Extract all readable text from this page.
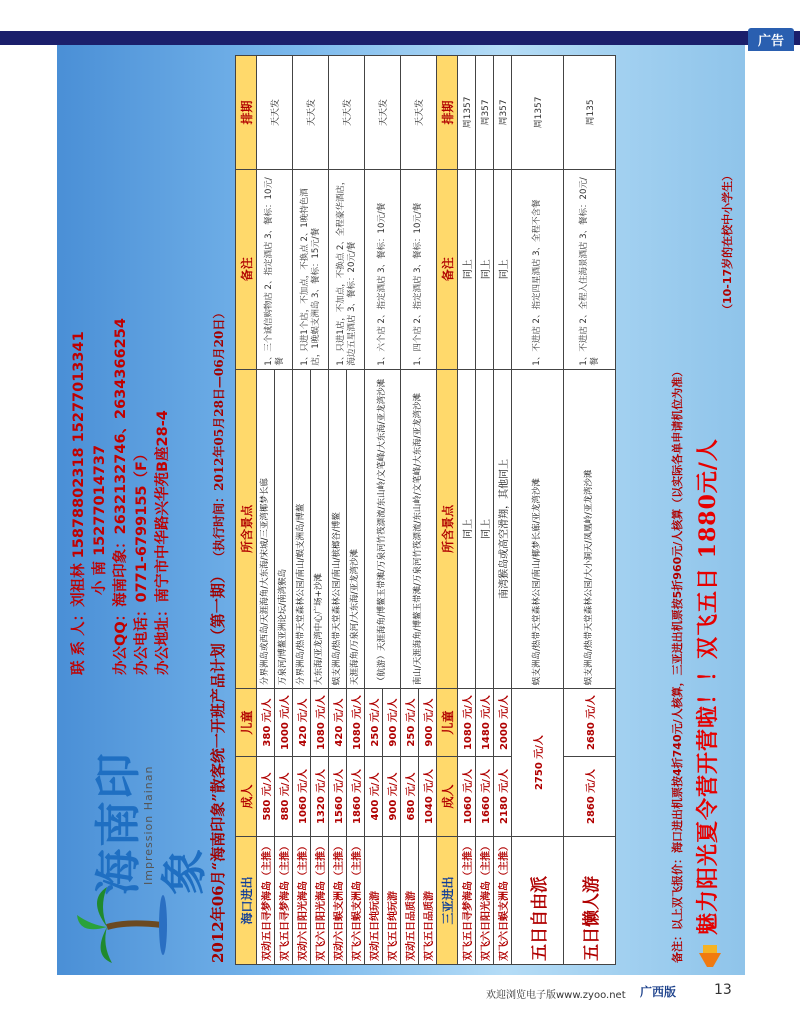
广告
海南印象
Impression Hainan
联 系 人：刘祖林 15878802318 15277013341 小 南 15277014737 办公QQ：海南印象：2632132746、2634366254 办公电话：0771-6799155（F） 办公地址：南宁市中华路兴华苑B座28-4
2012年06月“海南印象”散客统一开班产品计划（第一期） （执行时间：2012年05月28日—06月20日）
海口进出	成人	儿童	所含景点	备注	排期
双动五日寻梦海岛（主推）	580 元/人	380 元/人	分界洲岛或西岛/天涯海角/大东海/宋城/三亚湾椰梦长廊	1、三个诚信购物店 2、指定酒店 3、餐标：10元/餐	天天发
双飞五日寻梦海岛（主推）	880 元/人	1000 元/人	万泉河/博鳌亚洲论坛/南湾猴岛		
双动六日阳光海岛（主推）	1060 元/人	420 元/人	分界洲岛/热带天堂森林公园/南山/蜈支洲岛/博鳌	1、只进1个店，不加点，不换点 2、1晚特色酒店，1晚蜈支洲岛 3、餐标：15元/餐	天天发
双飞六日阳光海岛（主推）	1320 元/人	1080 元/人	大东海/亚龙湾中心广场+沙滩		
双动六日蜈支洲岛（主推）	1560 元/人	420 元/人	蜈支洲岛/热带天堂森林公园/南山/槟榔谷/博鳌	1、只进1店，不加点，不换点 2、全程豪华酒店，海边五星酒店 3、餐标：20元/餐	天天发
双飞六日蜈支洲岛（主推）	1860 元/人	1080 元/人	天涯海角/万泉河/大东海/亚龙湾沙滩		
双动五日纯玩游	400 元/人	250 元/人	（航游）天涯海角/博鳌玉带滩/万泉河竹筏漂流/东山岭/文笔峰/大东海/亚龙湾沙滩	1、六个店 2、指定酒店 3、餐标：10元/餐	天天发
双飞五日纯玩游	900 元/人	900 元/人			
双动五日品质游	680 元/人	250 元/人	南山/天涯海角/博鳌玉带滩/万泉河竹筏漂流/东山岭/文笔峰/大东海/亚龙湾沙滩	1、四个店 2、指定酒店 3、餐标：10元/餐	天天发
双飞五日品质游	1040 元/人	900 元/人			
三亚进出	成人	儿童	所含景点	备注	排期
双飞五日寻梦海岛（主推）	1060 元/人	1080 元/人	同上	同上	周1357
双飞六日阳光海岛（主推）	1660 元/人	1480 元/人	同上	同上	周357
双飞六日蜈支洲岛（主推）	2180 元/人	2000 元/人	南湾猴岛或高空滑翔，其他同上	同上	周357
五日自由派	2750 元/人		蜈支洲岛/热带天堂森林公园/南山/椰梦长廊/亚龙湾沙滩	1、不进店 2、指定四星酒店 3、全程不含餐	周1357
五日懒人游	2860 元/人	2680 元/人	蜈支洲岛/热带天堂森林公园/大小洞天/凤凰岭/亚龙湾沙滩	1、不进店 2、全程入住海景酒店 3、餐标：20元/餐	周135
备注：以上双飞报价：海口进出机票按4折740元/人核算，三亚进出机票按5折960元/人核算（以实际各单申请机位为准） 魅力阳光夏令营开营啦！！双飞五日 1880元/人
（10-17岁的在校中小学生）
欢迎浏览电子版www.zyoo.net 广西版	13
